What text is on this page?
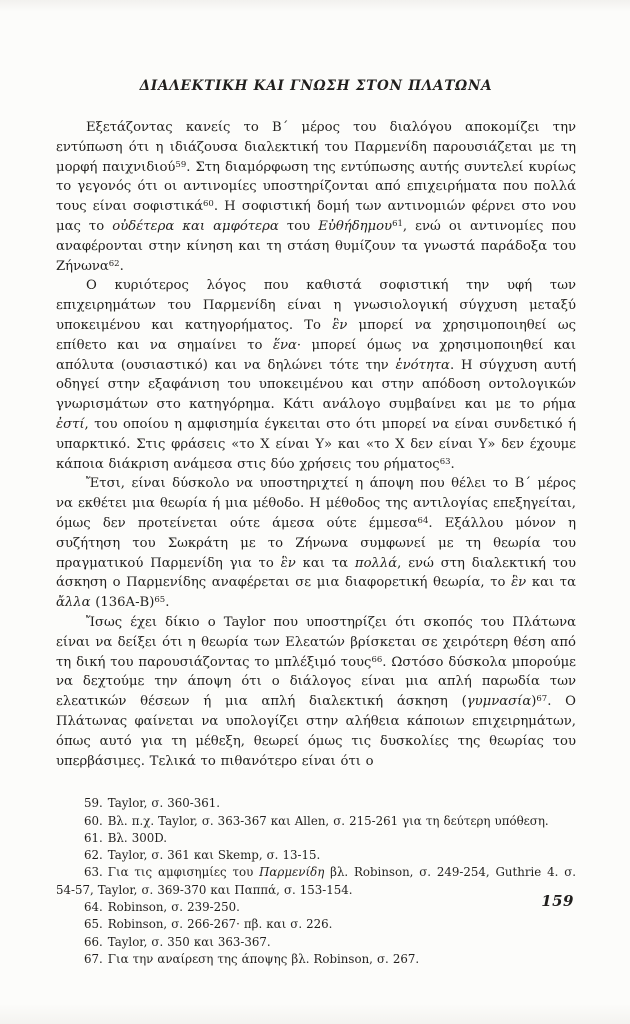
ΔΙΑΛΕΚΤΙΚΗ ΚΑΙ ΓΝΩΣΗ ΣΤΟΝ ΠΛΑΤΩΝΑ

Εξετάζοντας κανείς το Β´ μέρος του διαλόγου αποκομίζει την εντύπωση ότι η ιδιάζουσα διαλεκτική του Παρμενίδη παρουσιάζεται με τη μορφή παιχνιδιού$^{59}$. Στη διαμόρφωση της εντύπωσης αυτής συντελεί κυρίως το γεγονός ότι οι αντινομίες υποστηρίζονται από επιχειρήματα που πολλά τους είναι σοφιστικά$^{60}$. Η σοφιστική δομή των αντινομιών φέρνει στο νου μας το οὐδέτερα και αμφότερα του Εὐθήδημου$^{61}$, ενώ οι αντινομίες που αναφέρονται στην κίνηση και τη στάση θυμίζουν τα γνωστά παράδοξα του Ζήνωνα$^{62}$.

Ο κυριότερος λόγος που καθιστά σοφιστική την υφή των επιχειρημάτων του Παρμενίδη είναι η γνωσιολογική σύγχυση μεταξύ υποκειμένου και κατηγορήματος. Το ἓν μπορεί να χρησιμοποιηθεί ως επίθετο και να σημαίνει το ἕνα· μπορεί όμως να χρησιμοποιηθεί και απόλυτα (ουσιαστικό) και να δηλώνει τότε την ἑνότητα. Η σύγχυση αυτή οδηγεί στην εξαφάνιση του υποκειμένου και στην απόδοση οντολογικών γνωρισμάτων στο κατηγόρημα. Κάτι ανάλογο συμβαίνει και με το ρήμα ἐστί, του οποίου η αμφισημία έγκειται στο ότι μπορεί να είναι συνδετικό ή υπαρκτικό. Στις φράσεις «το Χ είναι Υ» και «το Χ δεν είναι Υ» δεν έχουμε κάποια διάκριση ανάμεσα στις δύο χρήσεις του ρήματος$^{63}$.

Ἔτσι, είναι δύσκολο να υποστηριχτεί η άποψη που θέλει το Β´ μέρος να εκθέτει μια θεωρία ή μια μέθοδο. Η μέθοδος της αντιλογίας επεξηγείται, όμως δεν προτείνεται ούτε άμεσα ούτε έμμεσα$^{64}$. Εξάλλου μόνον η συζήτηση του Σωκράτη με το Ζήνωνα συμφωνεί με τη θεωρία του πραγματικού Παρμενίδη για το ἓν και τα πολλά, ενώ στη διαλεκτική του άσκηση ο Παρμενίδης αναφέρεται σε μια διαφορετική θεωρία, το ἓν και τα ἄλλα $(136A-B)^{65}$.

Ἴσως έχει δίκιο ο Taylor που υποστηρίζει ότι σκοπός του Πλάτωνα είναι να δείξει ότι η θεωρία των Ελεατών βρίσκεται σε χειρότερη θέση από τη δική του παρουσιάζοντας το μπλέξιμό τους$^{66}$. Ωστόσο δύσκολα μπορούμε να δεχτούμε την άποψη ότι ο διάλογος είναι μια απλή παρωδία των ελεατικών θέσεων ή μια απλή διαλεκτική άσκηση $(\gamma\upsilon\mu\nu\alpha\sigma ί\alpha)^{67}$. Ο Πλάτωνας φαίνεται να υπολογίζει στην αλήθεια κάποιων επιχειρημάτων, όπως αυτό για τη μέθεξη, θεωρεί όμως τις δυσκολίες της θεωρίας του υπερβάσιμες. Τελικά το πιθανότερο είναι ότι ο

59. Taylor, σ. 360-361.

60. Βλ. π.χ. Taylor, σ. 363-367 και Allen, σ. 215-261 για τη δεύτερη υπόθεση.

61. Βλ. 300D.

62. Taylor, σ. 361 και Skemp, σ. 13-15.

63. Για τις αμφισημίες του Παρμενίδη βλ. Robinson, σ. 249-254, Guthrie 4. σ. 54-57, Taylor, σ. 369-370 και Παππά, σ. 153-154.

64. Robinson, σ. 239-250.

65. Robinson, σ. 266-267· πβ. και σ. 226.

66. Taylor, σ. 350 και 363-367.

67. Για την αναίρεση της άποψης βλ. Robinson, σ. 267.

159
